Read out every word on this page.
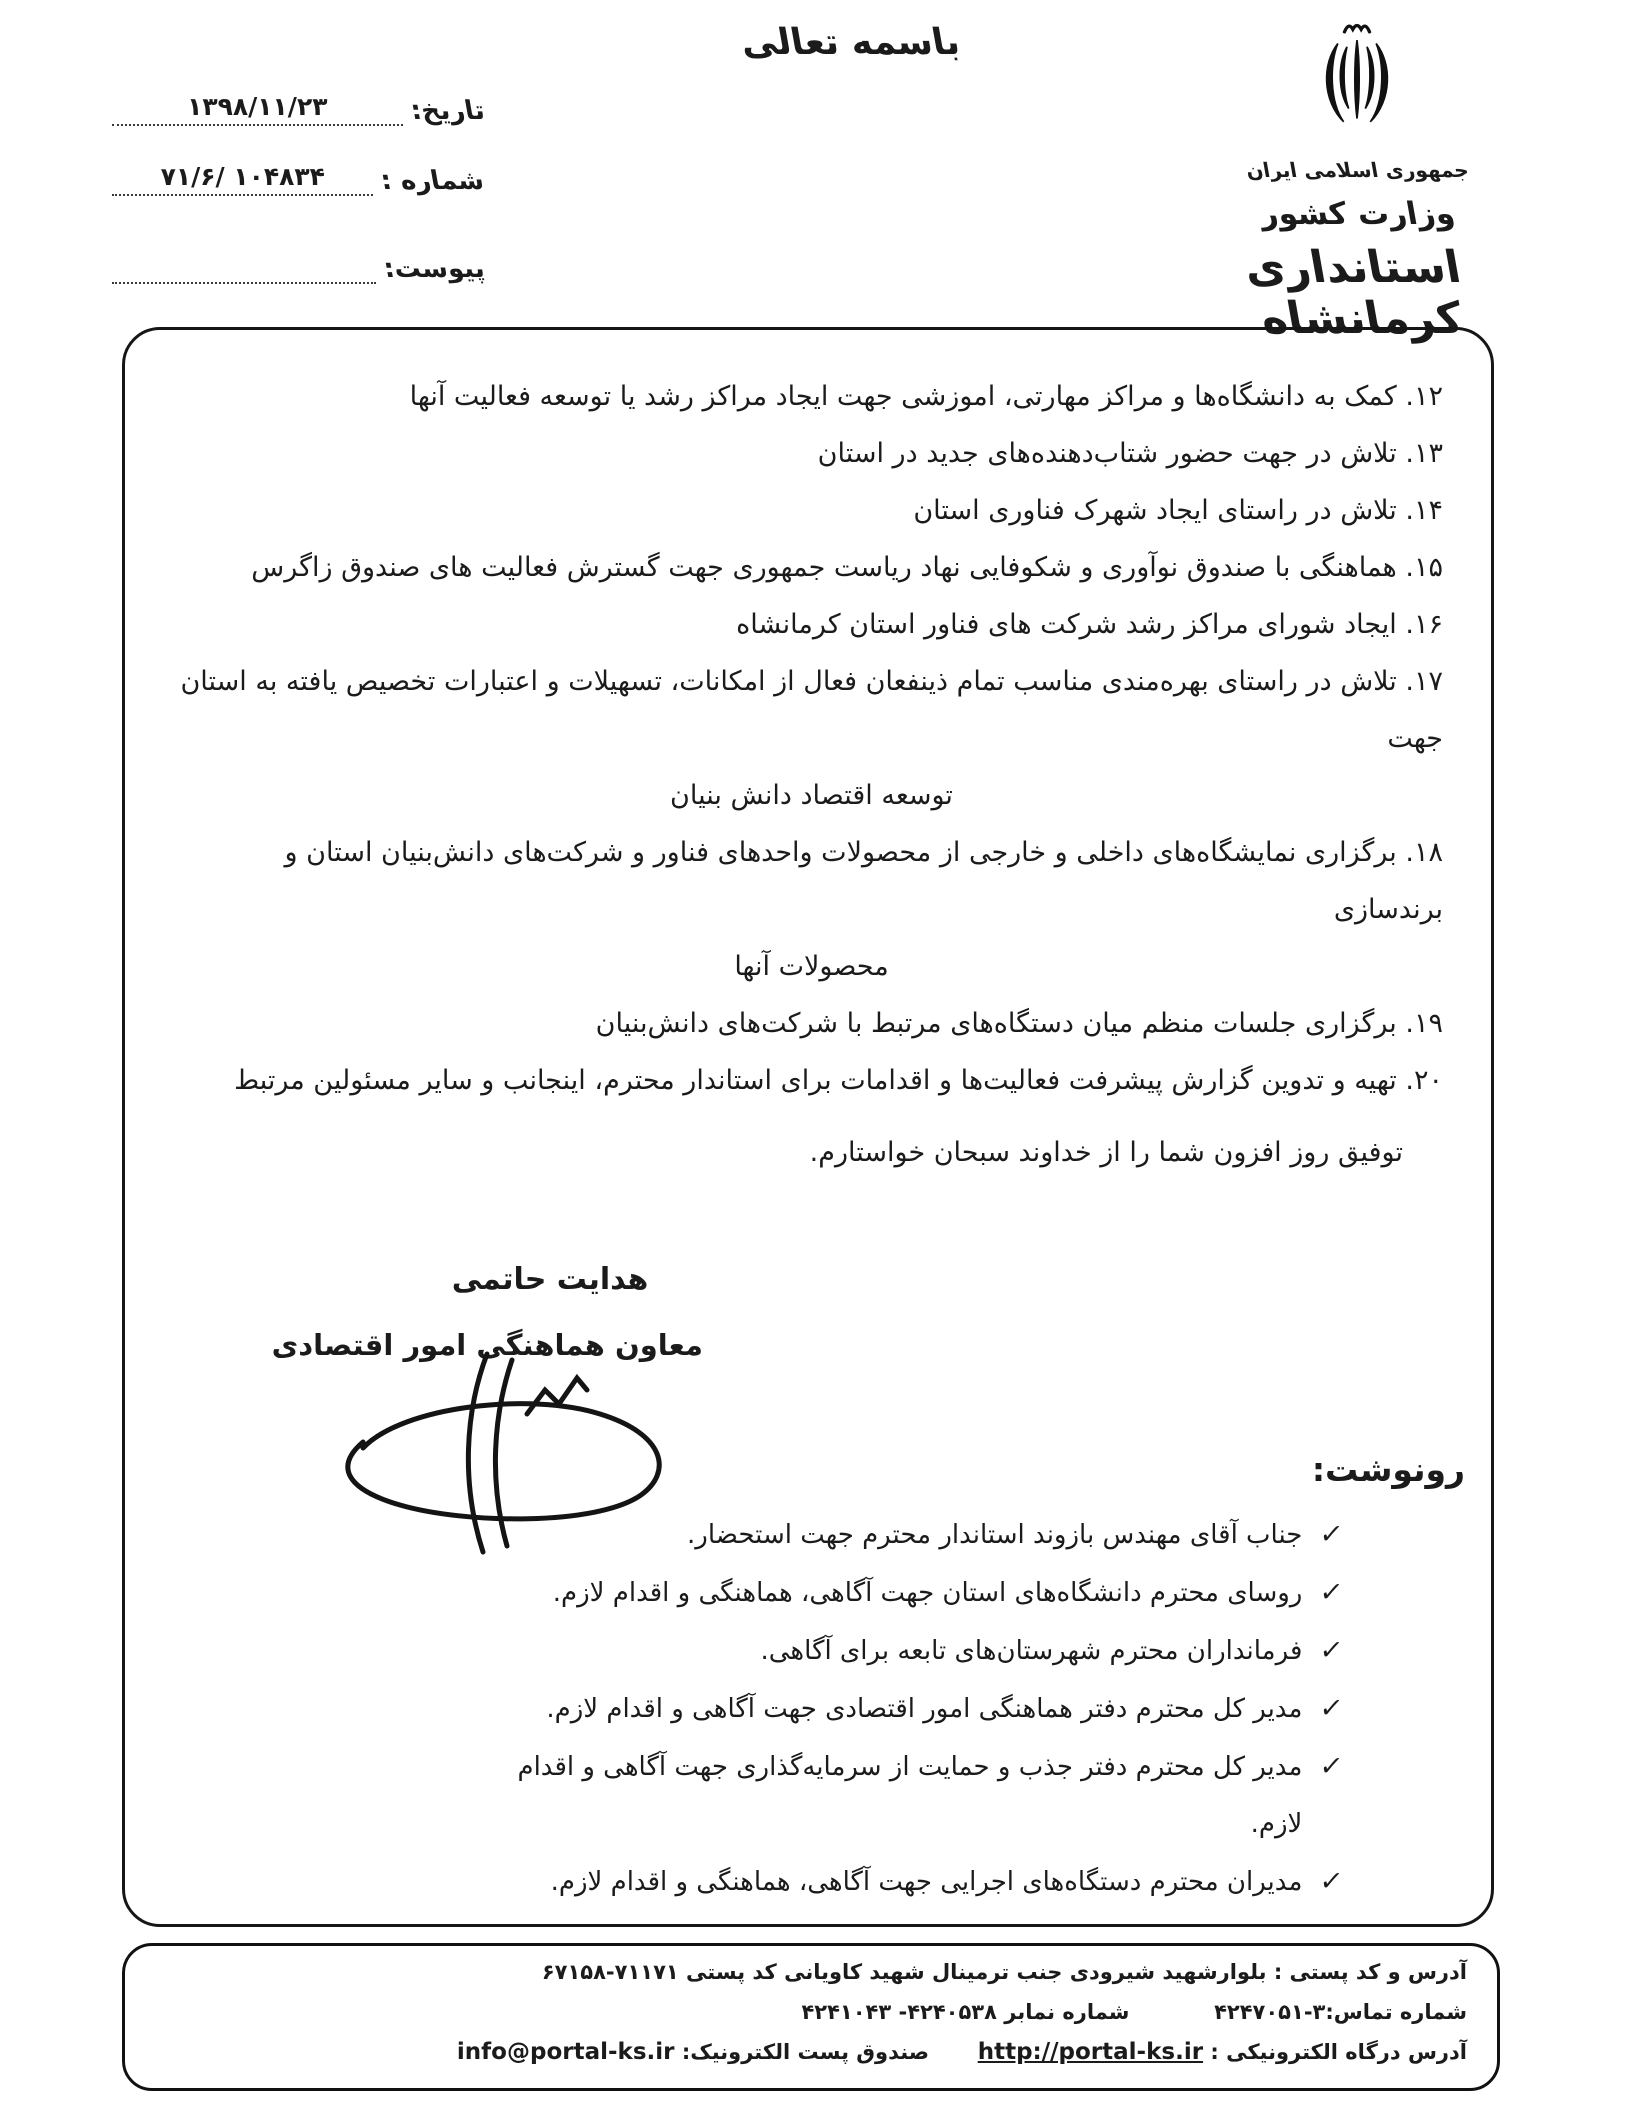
باسمه تعالی
جمهوری اسلامی ایران
وزارت کشور
استانداری کرمانشاه
تاریخ:
۱۳۹۸/۱۱/۲۳
شماره :
۷۱/۶/ ۱۰۴۸۳۴
پیوست:

۱۲. کمک به دانشگاه‌ها و مراکز مهارتی، اموزشی جهت ایجاد مراکز رشد یا توسعه فعالیت آنها

۱۳. تلاش در جهت حضور شتاب‌دهنده‌های جدید در استان

۱۴. تلاش در راستای ایجاد شهرک فناوری استان

۱۵. هماهنگی با صندوق نوآوری و شکوفایی نهاد ریاست جمهوری جهت گسترش فعالیت های صندوق زاگرس

۱۶. ایجاد شورای مراکز رشد شرکت های فناور استان کرمانشاه

۱۷. تلاش در راستای بهره‌مندی مناسب تمام ذینفعان فعال از امکانات، تسهیلات و اعتبارات تخصیص یافته به استان جهت

توسعه اقتصاد دانش بنیان

۱۸. برگزاری نمایشگاه‌های داخلی و خارجی از محصولات واحدهای فناور و شرکت‌های دانش‌بنیان استان و برندسازی

محصولات آنها

۱۹. برگزاری جلسات منظم میان دستگاه‌های مرتبط با شرکت‌های دانش‌بنیان

۲۰. تهیه و تدوین گزارش پیشرفت فعالیت‌ها و اقدامات برای استاندار محترم، اینجانب و سایر مسئولین مرتبط

توفیق روز افزون شما را از خداوند سبحان خواستارم.

هدایت حاتمی
معاون هماهنگی امور اقتصادی
رونوشت:
✓
جناب آقای مهندس بازوند استاندار محترم جهت استحضار.
✓
روسای محترم دانشگاه‌های استان جهت آگاهی، هماهنگی و اقدام لازم.
✓
فرمانداران محترم شهرستان‌های تابعه برای آگاهی.
✓
مدیر کل محترم دفتر هماهنگی امور اقتصادی جهت آگاهی و اقدام لازم.
✓
مدیر کل محترم دفتر جذب و حمایت از سرمایه‌گذاری جهت آگاهی و اقدام لازم.
✓
مدیران محترم دستگاه‌های اجرایی جهت آگاهی، هماهنگی و اقدام لازم.
آدرس و کد پستی : بلوارشهید شیرودی جنب ترمینال شهید کاویانی کد پستی ۶۷۱۵۸-۷۱۱۷۱
شماره تماس:۴۲۴۷۰۵۱-۳  شماره نمابر ۴۲۴۱۰۴۳ -۴۲۴۰۵۳۸
آدرس درگاه الکترونیکی : http://portal-ks.ir  صندوق پست الکترونیک: info@portal-ks.ir
